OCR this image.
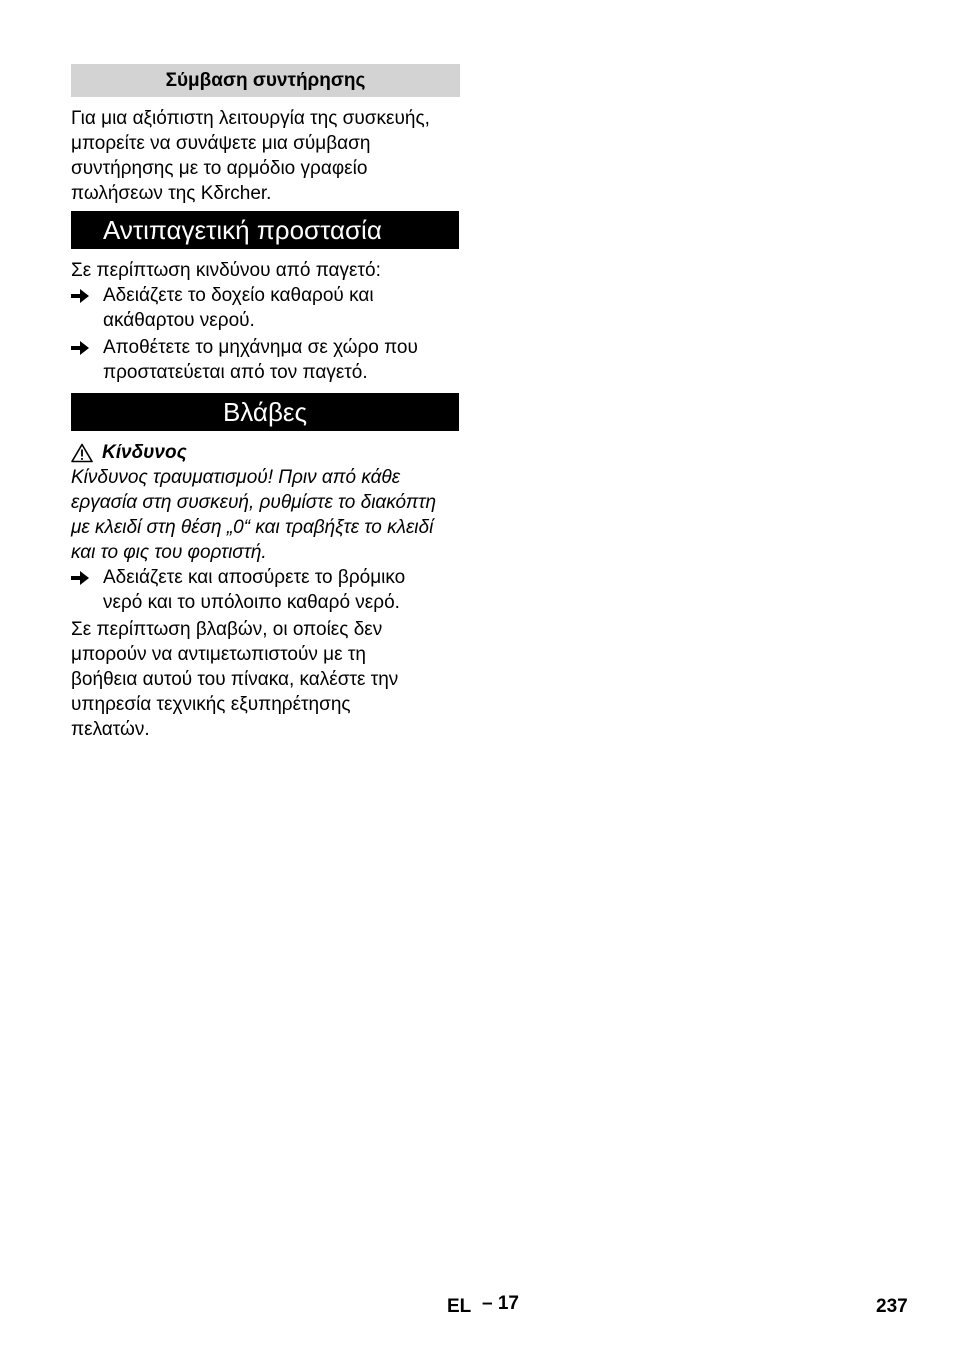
Σύμβαση συντήρησης

Για μια αξιόπιστη λειτουργία της συσκευής,

μπορείτε να συνάψετε μια σύμβαση

συντήρησης με το αρμόδιο γραφείο

πωλήσεων της Kδrcher.

Αντιπαγετική προστασία

Σε περίπτωση κινδύνου από παγετό:

Αδειάζετε το δοχείο καθαρού και
ακάθαρτου νερού.
Αποθέτετε το μηχάνημα σε χώρο που
προστατεύεται από τον παγετό.
Βλάβες
Κίνδυνος

Κίνδυνος τραυματισμού! Πριν από κάθε

εργασία στη συσκευή, ρυθμίστε το διακόπτη

με κλειδί στη θέση „0“ και τραβήξτε το κλειδί

και το φις του φορτιστή.

Αδειάζετε και αποσύρετε το βρόμικο
νερό και το υπόλοιπο καθαρό νερό.

Σε περίπτωση βλαβών, οι οποίες δεν

μπορούν να αντιμετωπιστούν με τη

βοήθεια αυτού του πίνακα, καλέστε την

υπηρεσία τεχνικής εξυπηρέτησης

πελατών.

EL – 17	237
